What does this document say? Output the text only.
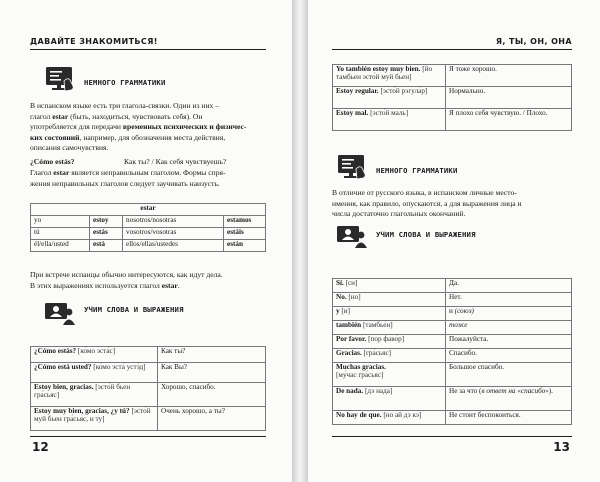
ДАВАЙТЕ ЗНАКОМИТЬСЯ!
НЕМНОГО ГРАММАТИКИ

В испанском языке есть три глагола-связки. Один из них –

глагол estar (быть, находиться, чувствовать себя). Он

употребляется для передачи временных психических и физичес-

ких состояний, например, для обозначения места действия,

описания самочувствия.

¿Cómo estás?	Как ты? / Как себя чувствуешь?

Глагол estar является неправильным глаголом. Формы спря-

жения неправильных глаголов следует заучивать наизусть.

estar			
yo	estoy	nosotros/nosotras	estamos
tú	estás	vosotros/vosotras	estáis
él/ella/usted	está	ellos/ellas/ustedes	están

При встрече испанцы обычно интересуются, как идут дела.

В этих выражениях используется глагол estar.

УЧИМ СЛОВА И ВЫРАЖЕНИЯ
¿Cómo estás? [ко́мо эста́с]	Как ты?
¿Cómo está usted? [ко́мо эста́ устэ́д]	Как Вы?
Estoy bien, gracias. [эсто́й бьен гра́сьяс]	Хорошо, спасибо.
Estoy muy bien, gracias, ¿y tú? [эсто́й муй бьен гра́сьяс, и ту]	Очень хорошо, а ты?
12
Я, ТЫ, ОН, ОНА
Yo también estoy muy bien. [йо тамбьен эсто́й муй бьен]	Я тоже хорошо.
Estoy regular. [эсто́й рэгула́р]	Нормально.
Estoy mal. [эсто́й маль]	Я плохо себя чувствую. / Плохо.
НЕМНОГО ГРАММАТИКИ

В отличие от русского языка, в испанском личные место-

имения, как правило, опускаются, а для выражения лица и

числа достаточно глагольных окончаний.

УЧИМ СЛОВА И ВЫРАЖЕНИЯ
Sí. [си]	Да.
No. [но]	Нет.
y [и]	и (союз)
también [тамбье́н]	тоже
Por favor. [пор фаво́р]	Пожалуйста.
Gracias. [гра́сьяс]	Спасибо.
Muchas gracias.
[му́час гра́сьяс]	Большое спасибо.
De nada. [дэ нада]	Не за что (в ответ на «спасибо»).
No hay de que. [но ай дэ кэ]	Не стоит беспокоиться.
13
